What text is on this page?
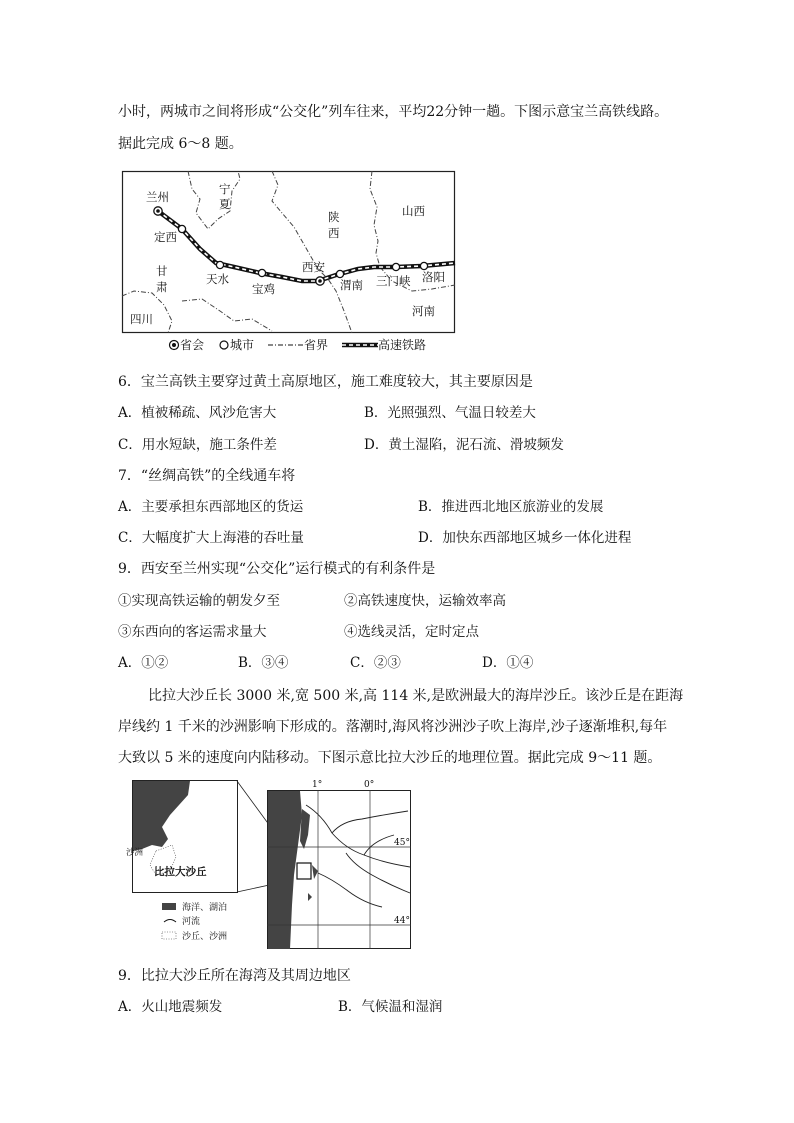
小时，两城市之间将形成“公交化”列车往来，平均22分钟一趟。下图示意宝兰高铁线路。
据此完成 6～8 题。
兰州
定西
宁
夏
陕
西
山西
甘
肃
天水
宝鸡
西安
渭南 三门峡 洛阳
河南
四川
省会 城市	省界	高速铁路
6．宝兰高铁主要穿过黄土高原地区，施工难度较大，其主要原因是
A．植被稀疏、风沙危害大	B．光照强烈、气温日较差大
C．用水短缺，施工条件差	D．黄土湿陷，泥石流、滑坡频发
7．“丝绸高铁”的全线通车将
A．主要承担东西部地区的货运	B．推进西北地区旅游业的发展
C．大幅度扩大上海港的吞吐量	D．加快东西部地区城乡一体化进程
9．西安至兰州实现“公交化”运行模式的有利条件是
①实现高铁运输的朝发夕至	②高铁速度快，运输效率高
③东西向的客运需求量大	④选线灵活，定时定点
A．①②	B．③④	C．②③	D．①④
比拉大沙丘长 3000 米,宽 500 米,高 114 米,是欧洲最大的海岸沙丘。该沙丘是在距海
岸线约 1 千米的沙洲影响下形成的。落潮时,海风将沙洲沙子吹上海岸,沙子逐渐堆积,每年
大致以 5 米的速度向内陆移动。下图示意比拉大沙丘的地理位置。据此完成 9～11 题。
沙洲
比拉大沙丘
海洋、湖泊
河流
沙丘、沙洲
1°	0°
45°
44°
9．比拉大沙丘所在海湾及其周边地区
A．火山地震频发	B．气候温和湿润
